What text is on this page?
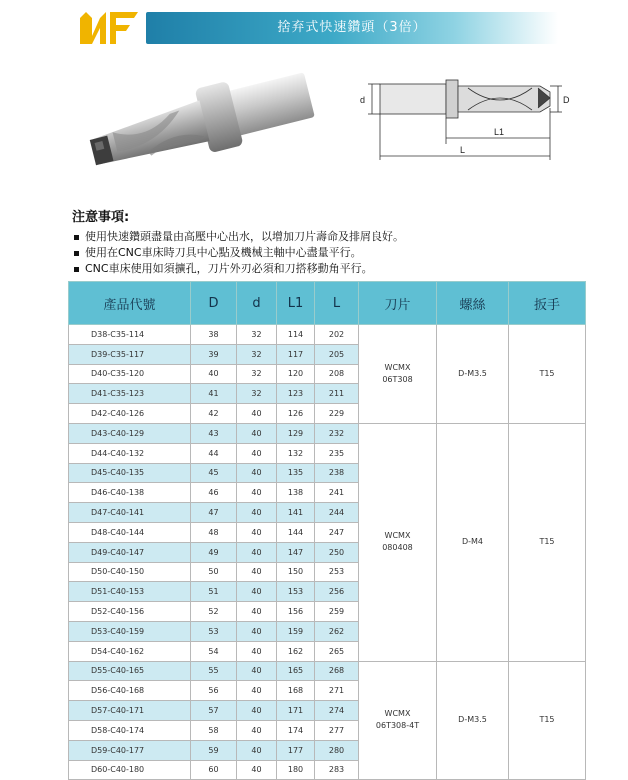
捨弃式快速鑽頭（3倍）
d	D
L1
L
注意事項:
使用快速鑽頭盡量由高壓中心出水，以增加刀片壽命及排屑良好。
使用在CNC車床時刀具中心點及機械主軸中心盡量平行。
CNC車床使用如須擴孔，刀片外刃必須和刀搭移動角平行。
產品代號	D	d	L1	L	刀片	螺絲	扳手
D38-C35-114	38	32	114	202	WCMX
06T308	D-M3.5	T15
D39-C35-117	39	32	117	205			
D40-C35-120	40	32	120	208			
D41-C35-123	41	32	123	211			
D42-C40-126	42	40	126	229			
D43-C40-129	43	40	129	232	WCMX
080408	D-M4	T15
D44-C40-132	44	40	132	235			
D45-C40-135	45	40	135	238			
D46-C40-138	46	40	138	241			
D47-C40-141	47	40	141	244			
D48-C40-144	48	40	144	247			
D49-C40-147	49	40	147	250			
D50-C40-150	50	40	150	253			
D51-C40-153	51	40	153	256			
D52-C40-156	52	40	156	259			
D53-C40-159	53	40	159	262			
D54-C40-162	54	40	162	265			
D55-C40-165	55	40	165	268	WCMX
06T308-4T	D-M3.5	T15
D56-C40-168	56	40	168	271			
D57-C40-171	57	40	171	274			
D58-C40-174	58	40	174	277			
D59-C40-177	59	40	177	280			
D60-C40-180	60	40	180	283			
